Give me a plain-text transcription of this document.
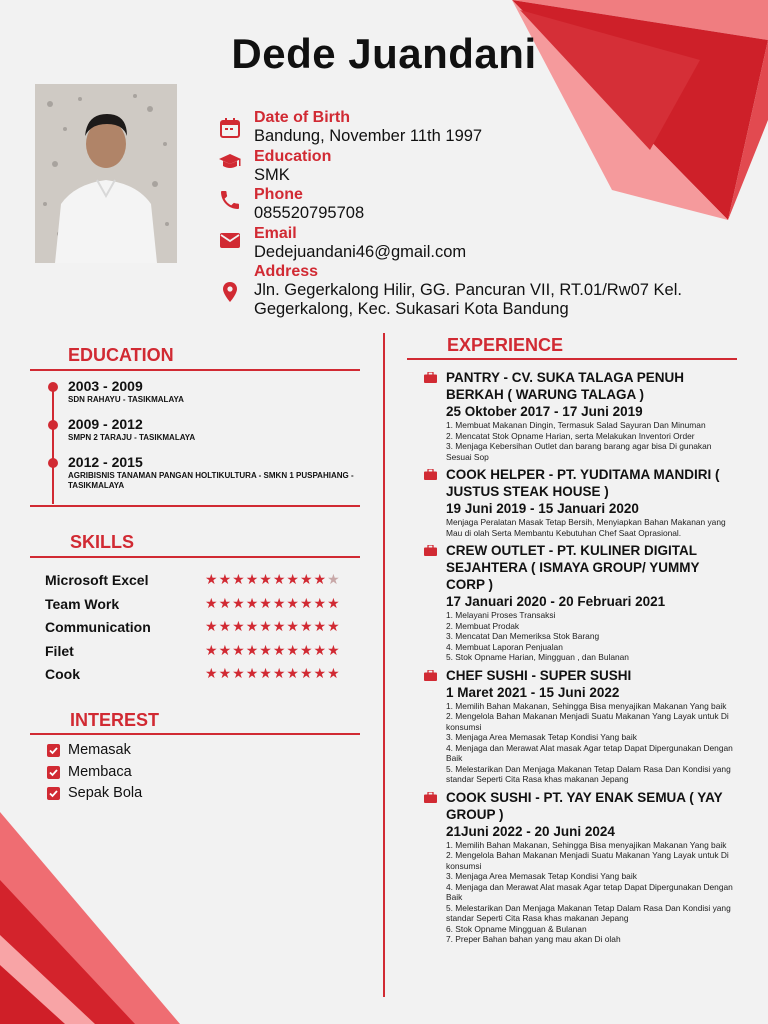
Dede Juandani
Date of Birth
Bandung, November 11th 1997
Education
SMK
Phone
085520795708
Email
Dedejuandani46@gmail.com
Address
Jln. Gegerkalong Hilir, GG. Pancuran VII, RT.01/Rw07 Kel.
Gegerkalong, Kec. Sukasari Kota Bandung
EDUCATION
2003 - 2009
SDN RAHAYU - TASIKMALAYA
2009 - 2012
SMPN 2 TARAJU - TASIKMALAYA
2012 - 2015
AGRIBISNIS TANAMAN PANGAN HOLTIKULTURA - SMKN 1 PUSPAHIANG - TASIKMALAYA
SKILLS
Microsoft Excel	★★★★★★★★★★
Team Work	★★★★★★★★★★
Communication	★★★★★★★★★★
Filet	★★★★★★★★★★
Cook	★★★★★★★★★★
INTEREST
Memasak
Membaca
Sepak Bola
EXPERIENCE
PANTRY - CV. SUKA TALAGA PENUH BERKAH ( WARUNG TALAGA )
25 Oktober 2017 - 17 Juni 2019
1. Membuat Makanan Dingin, Termasuk Salad Sayuran Dan Minuman
2. Mencatat Stok Opname Harian, serta Melakukan Inventori Order
3. Menjaga Kebersihan Outlet dan barang barang agar bisa Di gunakan Sesuai Sop
COOK HELPER - PT. YUDITAMA MANDIRI ( JUSTUS STEAK HOUSE )
19 Juni 2019 - 15 Januari 2020
Menjaga Peralatan Masak Tetap Bersih, Menyiapkan Bahan Makanan yang Mau di olah Serta Membantu Kebutuhan Chef Saat Oprasional.
CREW OUTLET - PT. KULINER DIGITAL SEJAHTERA ( ISMAYA GROUP/ YUMMY CORP )
17 Januari 2020 - 20 Februari 2021
1. Melayani Proses Transaksi
2. Membuat Prodak
3. Mencatat Dan Memeriksa Stok Barang
4. Membuat Laporan Penjualan
5. Stok Opname Harian, Mingguan , dan Bulanan
CHEF SUSHI - SUPER SUSHI
1 Maret 2021 - 15 Juni 2022
1. Memilih Bahan Makanan, Sehingga Bisa menyajikan Makanan Yang baik
2. Mengelola Bahan Makanan Menjadi Suatu Makanan Yang Layak untuk Di konsumsi
3. Menjaga Area Memasak Tetap Kondisi Yang baik
4. Menjaga dan Merawat Alat masak Agar tetap Dapat Dipergunakan Dengan Baik
5. Melestarikan Dan Menjaga Makanan Tetap Dalam Rasa Dan Kondisi yang standar Seperti Cita Rasa khas makanan Jepang
COOK SUSHI - PT. YAY ENAK SEMUA ( YAY GROUP )
21Juni 2022 - 20 Juni 2024
1. Memilih Bahan Makanan, Sehingga Bisa menyajikan Makanan Yang baik
2. Mengelola Bahan Makanan Menjadi Suatu Makanan Yang Layak untuk Di konsumsi
3. Menjaga Area Memasak Tetap Kondisi Yang baik
4. Menjaga dan Merawat Alat masak Agar tetap Dapat Dipergunakan Dengan Baik
5. Melestarikan Dan Menjaga Makanan Tetap Dalam Rasa Dan Kondisi yang standar Seperti Cita Rasa khas makanan Jepang
6. Stok Opname Mingguan & Bulanan
7. Preper Bahan bahan yang mau akan Di olah
